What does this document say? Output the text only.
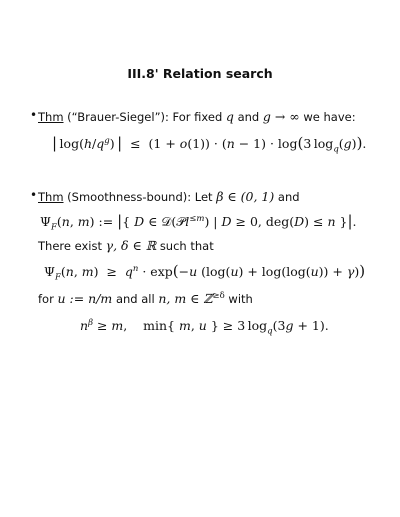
III.8' Relation search
• Thm (“Brauer-Siegel”): For fixed q and g → ∞ we have:
| $\log(h/q^g)$ |  ≤  (1 + o(1)) · (n − 1) · log(3 $\log_q(g)$).
• Thm (Smoothness-bound): Let β ∈ (0, 1) and
$\Psi_F(n$, m) := |{ D ∈ 𝒟(𝒫l$^{\le m}$) | D ≥ 0, deg(D) ≤ n }|.
There exist γ, δ ∈ ℝ such that
$\Psi_F(n$, $m) \ge q^n \cdot \exp(-u$ (log(u) + log(log(u)) + γ))
for u := n/m and all n, m ∈ ℤ$^{\ge\delta}$ with
$n^\beta \ge m$,    min{ m, u } ≥ 3 $\log_q(3g + 1)$.
